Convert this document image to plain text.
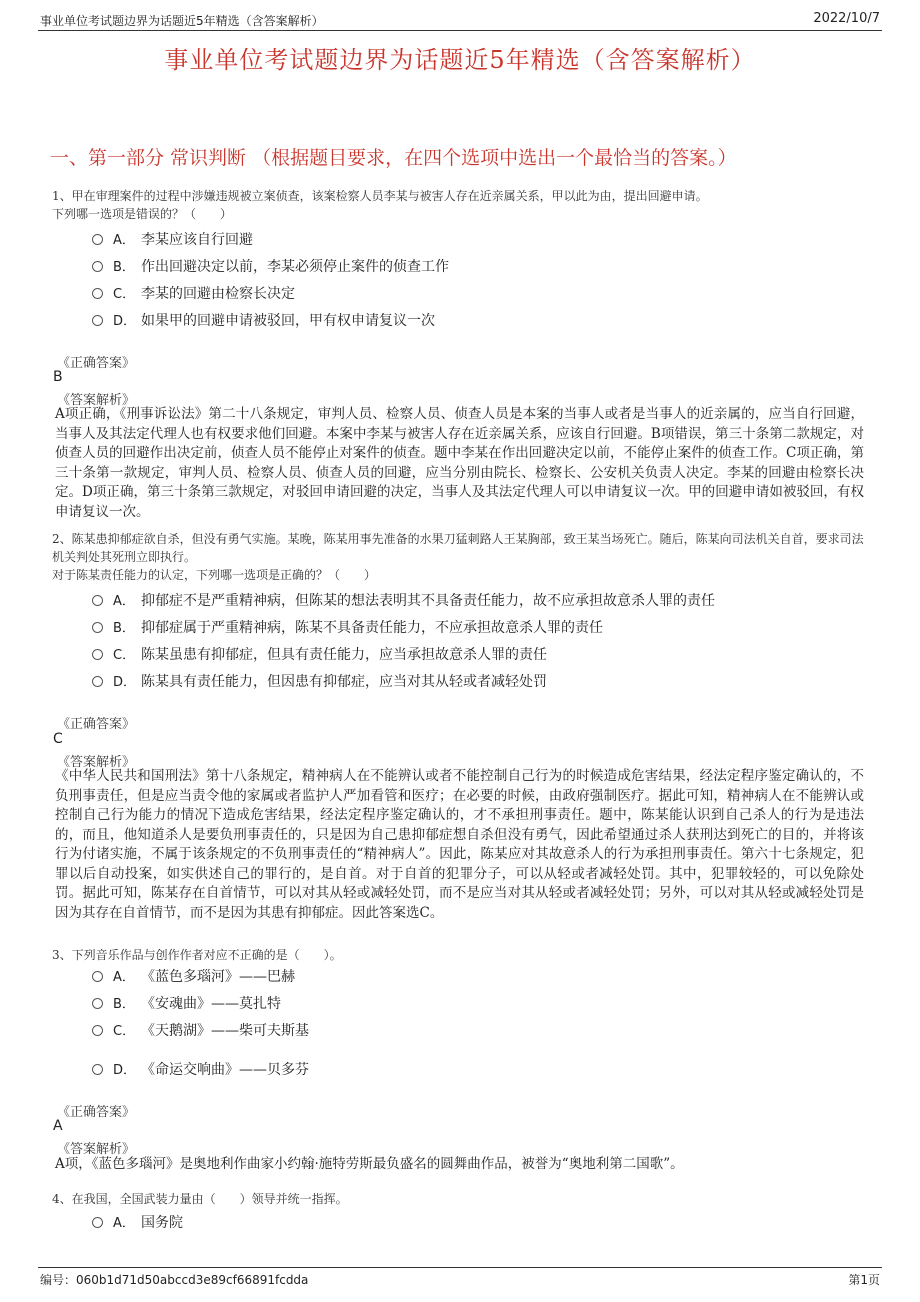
事业单位考试题边界为话题近5年精选（含答案解析）	2022/10/7
事业单位考试题边界为话题近5年精选（含答案解析）
一、第一部分 常识判断 （根据题目要求，在四个选项中选出一个最恰当的答案。）

1、甲在审理案件的过程中涉嫌违规被立案侦查，该案检察人员李某与被害人存在近亲属关系，甲以此为由，提出回避申请。

下列哪一选项是错误的？（　　）

A． 李某应该自行回避
B． 作出回避决定以前，李某必须停止案件的侦查工作
C． 李某的回避由检察长决定
D． 如果甲的回避申请被驳回，甲有权申请复议一次
《正确答案》
B
《答案解析》
A项正确，《刑事诉讼法》第二十八条规定，审判人员、检察人员、侦查人员是本案的当事人或者是当事人的近亲属的，应当自行回避，当事人及其法定代理人也有权要求他们回避。本案中李某与被害人存在近亲属关系，应该自行回避。B项错误，第三十条第二款规定，对侦查人员的回避作出决定前，侦查人员不能停止对案件的侦查。题中李某在作出回避决定以前，不能停止案件的侦查工作。C项正确，第三十条第一款规定，审判人员、检察人员、侦查人员的回避，应当分别由院长、检察长、公安机关负责人决定。李某的回避由检察长决定。D项正确，第三十条第三款规定，对驳回申请回避的决定，当事人及其法定代理人可以申请复议一次。甲的回避申请如被驳回，有权申请复议一次。

2、陈某患抑郁症欲自杀，但没有勇气实施。某晚，陈某用事先准备的水果刀猛刺路人王某胸部，致王某当场死亡。随后，陈某向司法机关自首，要求司法机关判处其死刑立即执行。

对于陈某责任能力的认定，下列哪一选项是正确的？（　　）

A． 抑郁症不是严重精神病，但陈某的想法表明其不具备责任能力，故不应承担故意杀人罪的责任
B． 抑郁症属于严重精神病，陈某不具备责任能力，不应承担故意杀人罪的责任
C． 陈某虽患有抑郁症，但具有责任能力，应当承担故意杀人罪的责任
D． 陈某具有责任能力，但因患有抑郁症，应当对其从轻或者减轻处罚
《正确答案》
C
《答案解析》
《中华人民共和国刑法》第十八条规定，精神病人在不能辨认或者不能控制自己行为的时候造成危害结果，经法定程序鉴定确认的，不负刑事责任，但是应当责令他的家属或者监护人严加看管和医疗；在必要的时候，由政府强制医疗。据此可知，精神病人在不能辨认或控制自己行为能力的情况下造成危害结果，经法定程序鉴定确认的，才不承担刑事责任。题中，陈某能认识到自己杀人的行为是违法的，而且，他知道杀人是要负刑事责任的，只是因为自己患抑郁症想自杀但没有勇气，因此希望通过杀人获刑达到死亡的目的，并将该行为付诸实施，不属于该条规定的不负刑事责任的“精神病人”。因此，陈某应对其故意杀人的行为承担刑事责任。第六十七条规定，犯罪以后自动投案，如实供述自己的罪行的，是自首。对于自首的犯罪分子，可以从轻或者减轻处罚。其中，犯罪较轻的，可以免除处罚。据此可知，陈某存在自首情节，可以对其从轻或减轻处罚，而不是应当对其从轻或者减轻处罚；另外，可以对其从轻或减轻处罚是因为其存在自首情节，而不是因为其患有抑郁症。因此答案选C。

3、下列音乐作品与创作作者对应不正确的是（　　）。

A． 《蓝色多瑙河》——巴赫
B． 《安魂曲》——莫扎特
C． 《天鹅湖》——柴可夫斯基
D． 《命运交响曲》——贝多芬
《正确答案》
A
《答案解析》
A项，《蓝色多瑙河》是奥地利作曲家小约翰·施特劳斯最负盛名的圆舞曲作品，被誉为“奥地利第二国歌”。

4、在我国，全国武装力量由（　　）领导并统一指挥。

A． 国务院
编号：060b1d71d50abccd3e89cf66891fcdda	第1页
